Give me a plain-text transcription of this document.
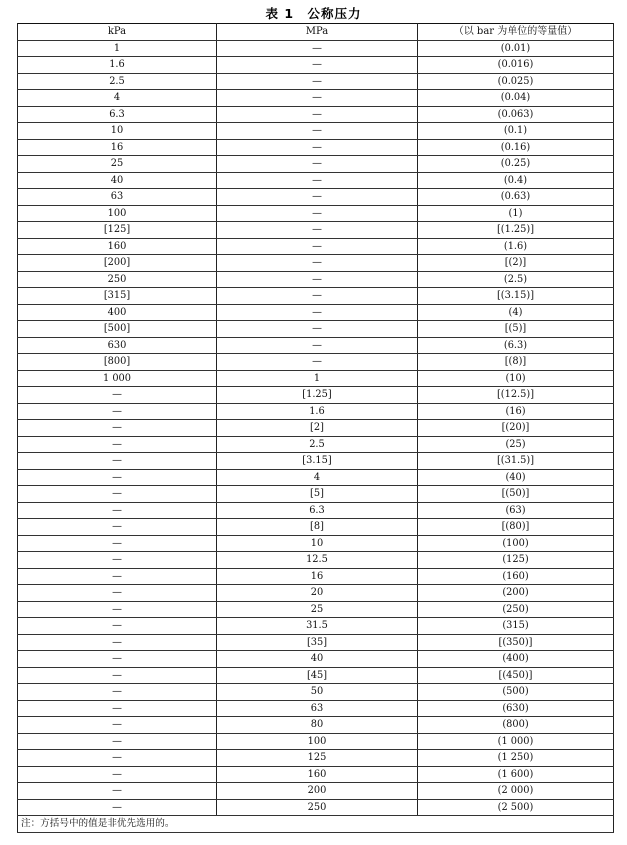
表 1　公称压力
kPa	MPa	（以 bar 为单位的等量值）
1	—	(0.01)
1.6	—	(0.016)
2.5	—	(0.025)
4	—	(0.04)
6.3	—	(0.063)
10	—	(0.1)
16	—	(0.16)
25	—	(0.25)
40	—	(0.4)
63	—	(0.63)
100	—	(1)
[125]	—	[(1.25)]
160	—	(1.6)
[200]	—	[(2)]
250	—	(2.5)
[315]	—	[(3.15)]
400	—	(4)
[500]	—	[(5)]
630	—	(6.3)
[800]	—	[(8)]
1 000	1	(10)
—	[1.25]	[(12.5)]
—	1.6	(16)
—	[2]	[(20)]
—	2.5	(25)
—	[3.15]	[(31.5)]
—	4	(40)
—	[5]	[(50)]
—	6.3	(63)
—	[8]	[(80)]
—	10	(100)
—	12.5	(125)
—	16	(160)
—	20	(200)
—	25	(250)
—	31.5	(315)
—	[35]	[(350)]
—	40	(400)
—	[45]	[(450)]
—	50	(500)
—	63	(630)
—	80	(800)
—	100	(1 000)
—	125	(1 250)
—	160	(1 600)
—	200	(2 000)
—	250	(2 500)
注：方括号中的值是非优先选用的。		
